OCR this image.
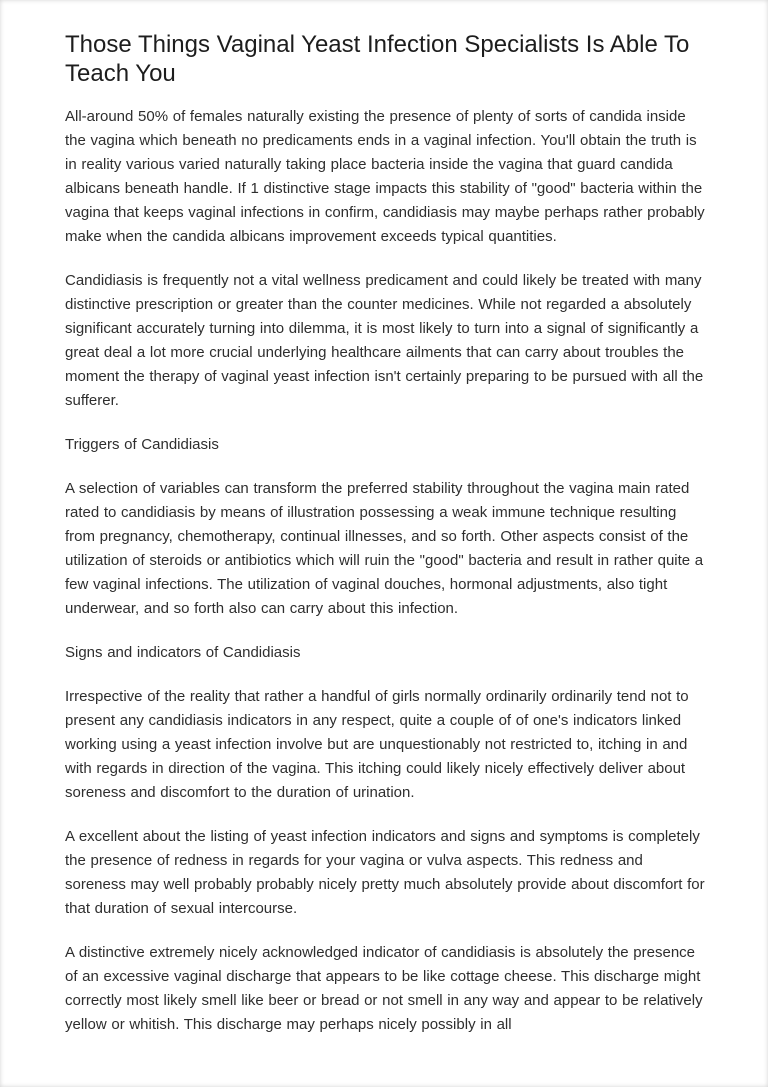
Those Things Vaginal Yeast Infection Specialists Is Able To Teach You

All-around 50% of females naturally existing the presence of plenty of sorts of candida inside the vagina which beneath no predicaments ends in a vaginal infection. You'll obtain the truth is in reality various varied naturally taking place bacteria inside the vagina that guard candida albicans beneath handle. If 1 distinctive stage impacts this stability of "good" bacteria within the vagina that keeps vaginal infections in confirm, candidiasis may maybe perhaps rather probably make when the candida albicans improvement exceeds typical quantities.

Candidiasis is frequently not a vital wellness predicament and could likely be treated with many distinctive prescription or greater than the counter medicines. While not regarded a absolutely significant accurately turning into dilemma, it is most likely to turn into a signal of significantly a great deal a lot more crucial underlying healthcare ailments that can carry about troubles the moment the therapy of vaginal yeast infection isn't certainly preparing to be pursued with all the sufferer.

Triggers of Candidiasis

A selection of variables can transform the preferred stability throughout the vagina main rated rated to candidiasis by means of illustration possessing a weak immune technique resulting from pregnancy, chemotherapy, continual illnesses, and so forth. Other aspects consist of the utilization of steroids or antibiotics which will ruin the "good" bacteria and result in rather quite a few vaginal infections. The utilization of vaginal douches, hormonal adjustments, also tight underwear, and so forth also can carry about this infection.

Signs and indicators of Candidiasis

Irrespective of the reality that rather a handful of girls normally ordinarily ordinarily tend not to present any candidiasis indicators in any respect, quite a couple of of one's indicators linked working using a yeast infection involve but are unquestionably not restricted to, itching in and with regards in direction of the vagina. This itching could likely nicely effectively deliver about soreness and discomfort to the duration of urination.

A excellent about the listing of yeast infection indicators and signs and symptoms is completely the presence of redness in regards for your vagina or vulva aspects. This redness and soreness may well probably probably nicely pretty much absolutely provide about discomfort for that duration of sexual intercourse.

A distinctive extremely nicely acknowledged indicator of candidiasis is absolutely the presence of an excessive vaginal discharge that appears to be like cottage cheese. This discharge might correctly most likely smell like beer or bread or not smell in any way and appear to be relatively yellow or whitish. This discharge may perhaps nicely possibly in all
